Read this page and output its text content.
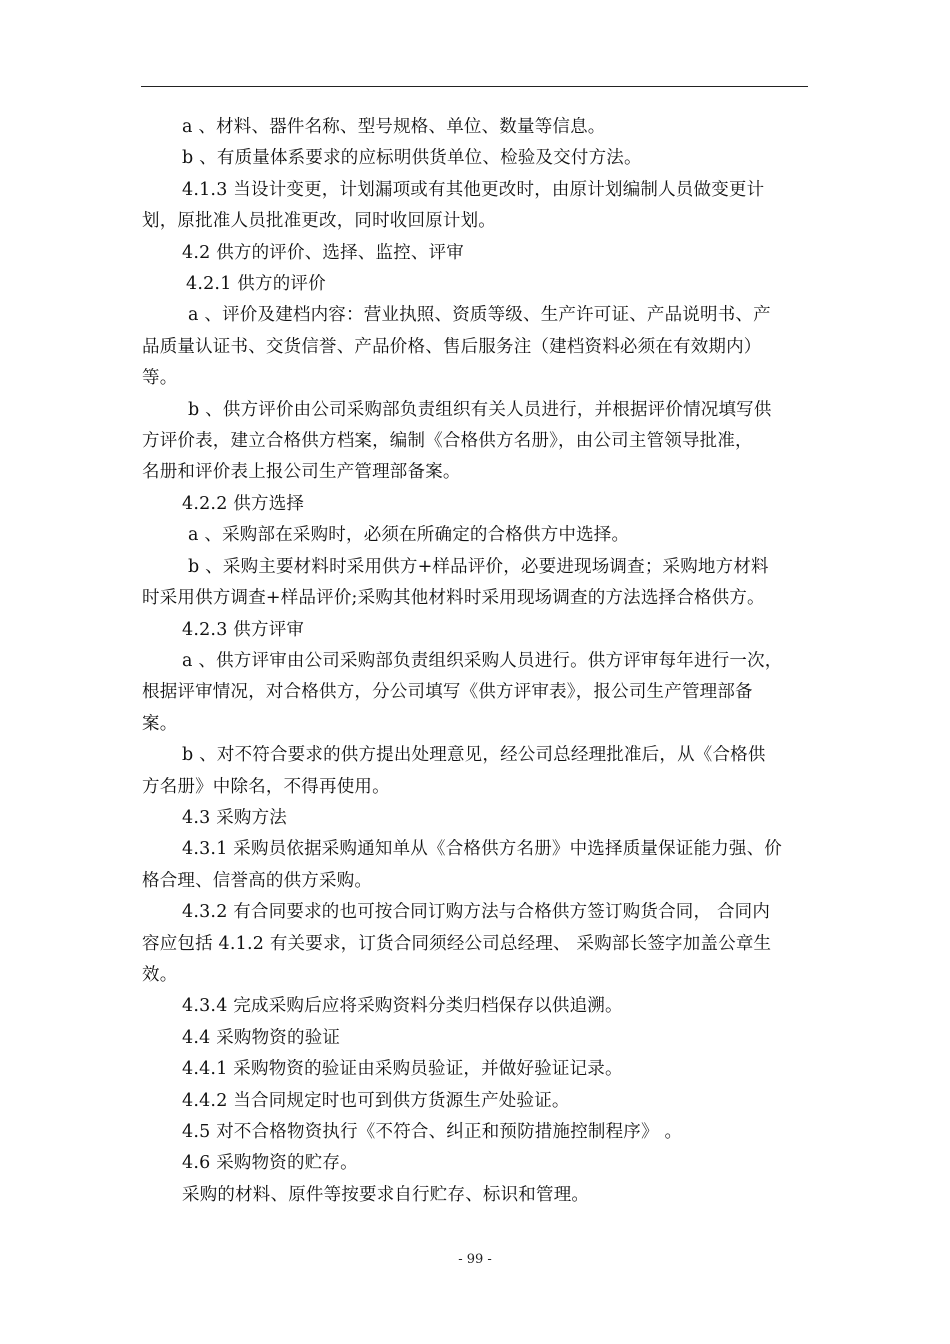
a 、材料、器件名称、型号规格、单位、数量等信息。

b 、有质量体系要求的应标明供货单位、检验及交付方法。

4.1.3 当设计变更，计划漏项或有其他更改时，由原计划编制人员做变更计

划，原批准人员批准更改，同时收回原计划。

4.2 供方的评价、选择、监控、评审

4.2.1 供方的评价

a 、评价及建档内容：营业执照、资质等级、生产许可证、产品说明书、产

品质量认证书、交货信誉、产品价格、售后服务注（建档资料必须在有效期内）

等。

b 、供方评价由公司采购部负责组织有关人员进行，并根据评价情况填写供

方评价表，建立合格供方档案，编制《合格供方名册》，由公司主管领导批准，

名册和评价表上报公司生产管理部备案。

4.2.2 供方选择

a 、采购部在采购时，必须在所确定的合格供方中选择。

b 、采购主要材料时采用供方+样品评价，必要进现场调查；采购地方材料

时采用供方调查+样品评价;采购其他材料时采用现场调查的方法选择合格供方。

4.2.3 供方评审

a 、供方评审由公司采购部负责组织采购人员进行。供方评审每年进行一次，

根据评审情况，对合格供方，分公司填写《供方评审表》，报公司生产管理部备

案。

b 、对不符合要求的供方提出处理意见，经公司总经理批准后，从《合格供

方名册》中除名，不得再使用。

4.3 采购方法

4.3.1 采购员依据采购通知单从《合格供方名册》中选择质量保证能力强、价

格合理、信誉高的供方采购。

4.3.2 有合同要求的也可按合同订购方法与合格供方签订购货合同， 合同内

容应包括 4.1.2 有关要求，订货合同须经公司总经理、 采购部长签字加盖公章生

效。

4.3.4 完成采购后应将采购资料分类归档保存以供追溯。

4.4 采购物资的验证

4.4.1 采购物资的验证由采购员验证，并做好验证记录。

4.4.2 当合同规定时也可到供方货源生产处验证。

4.5 对不合格物资执行《不符合、纠正和预防措施控制程序》 。

4.6 采购物资的贮存。

采购的材料、原件等按要求自行贮存、标识和管理。

- 99 -
